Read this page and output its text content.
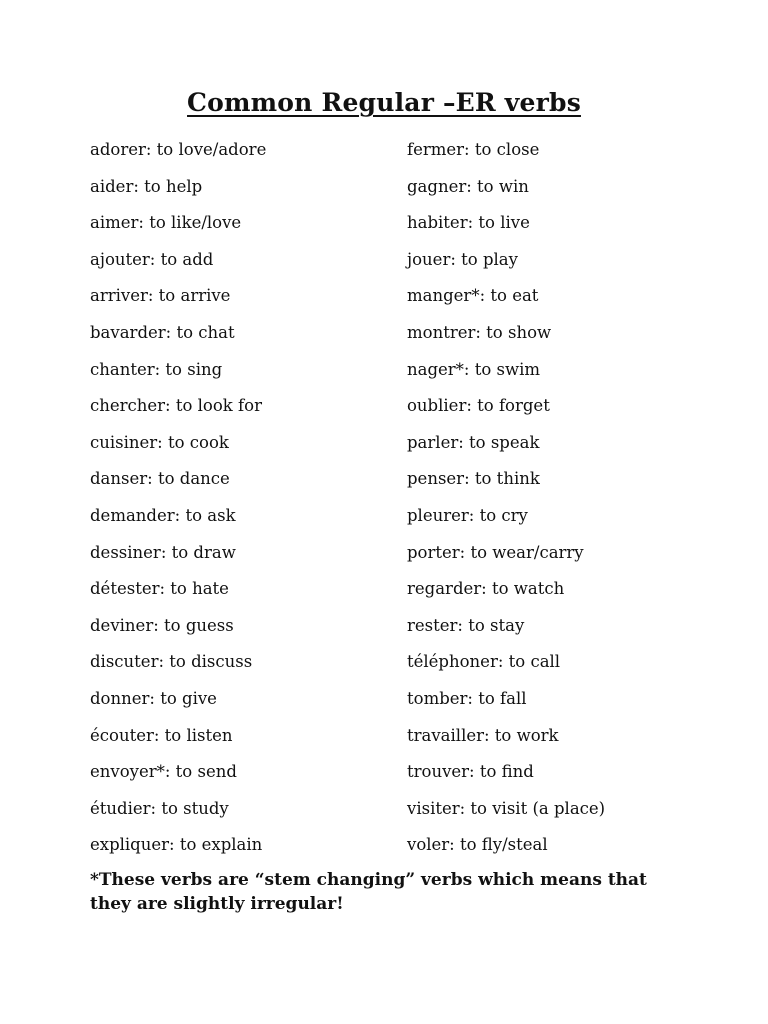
Common Regular –ER verbs
adorer: to love/adore
aider: to help
aimer: to like/love
ajouter: to add
arriver: to arrive
bavarder: to chat
chanter: to sing
chercher: to look for
cuisiner: to cook
danser: to dance
demander: to ask
dessiner: to draw
détester: to hate
deviner: to guess
discuter: to discuss
donner: to give
écouter: to listen
envoyer*: to send
étudier: to study
expliquer: to explain
fermer: to close
gagner: to win
habiter: to live
jouer: to play
manger*: to eat
montrer: to show
nager*: to swim
oublier: to forget
parler: to speak
penser: to think
pleurer: to cry
porter: to wear/carry
regarder: to watch
rester: to stay
téléphoner: to call
tomber: to fall
travailler: to work
trouver: to find
visiter: to visit (a place)
voler: to fly/steal
*These verbs are “stem changing” verbs which means that they are slightly irregular!
